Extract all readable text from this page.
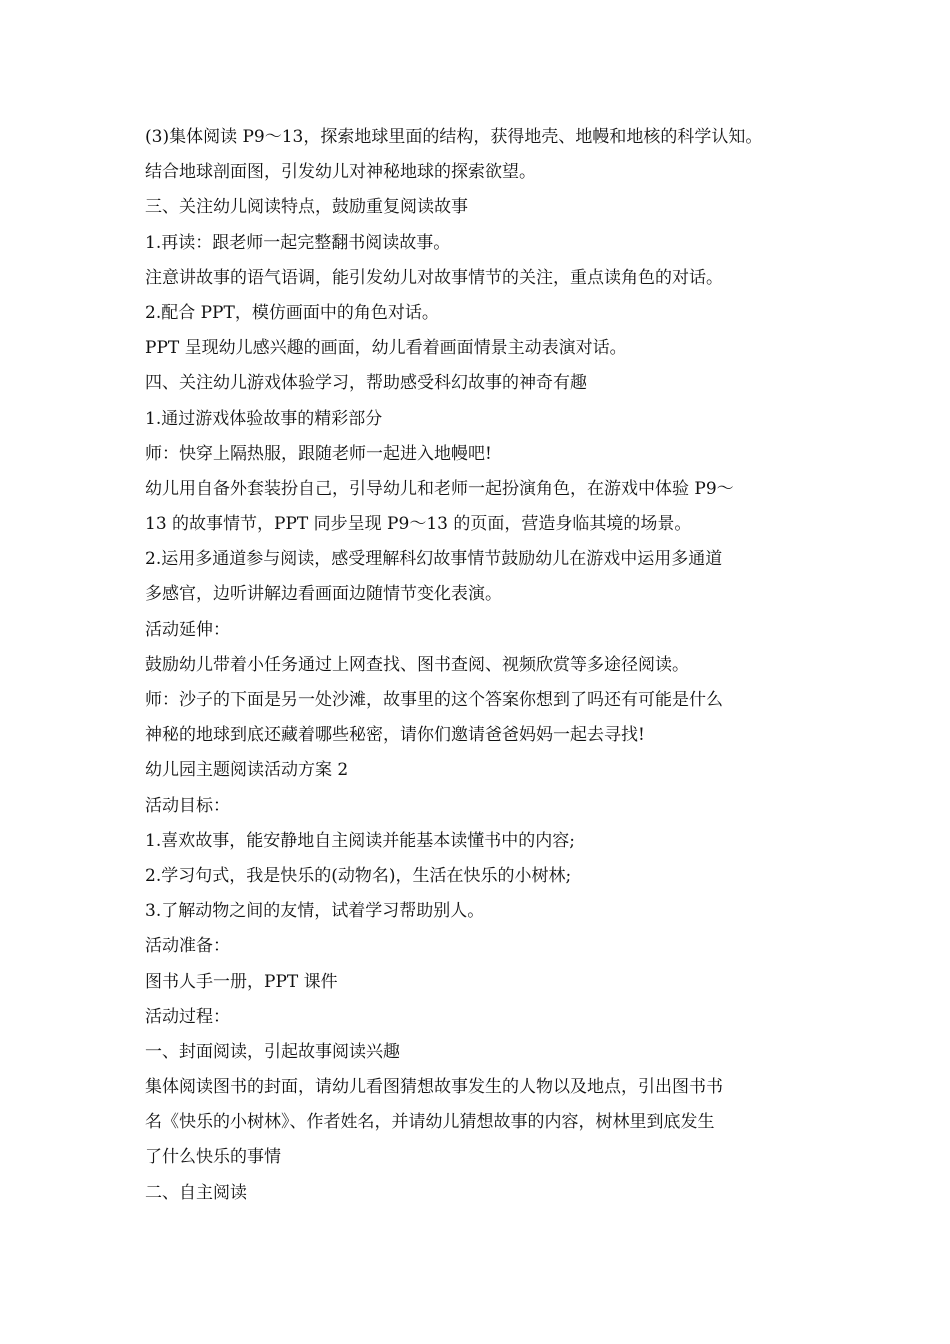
(3)集体阅读 P9～13，探索地球里面的结构，获得地壳、地幔和地核的科学认知。
结合地球剖面图，引发幼儿对神秘地球的探索欲望。
三、关注幼儿阅读特点，鼓励重复阅读故事
1.再读：跟老师一起完整翻书阅读故事。
注意讲故事的语气语调，能引发幼儿对故事情节的关注，重点读角色的对话。
2.配合 PPT，模仿画面中的角色对话。
PPT 呈现幼儿感兴趣的画面，幼儿看着画面情景主动表演对话。
四、关注幼儿游戏体验学习，帮助感受科幻故事的神奇有趣
1.通过游戏体验故事的精彩部分
师：快穿上隔热服，跟随老师一起进入地幔吧!
幼儿用自备外套装扮自己，引导幼儿和老师一起扮演角色，在游戏中体验 P9～
13 的故事情节，PPT 同步呈现 P9～13 的页面，营造身临其境的场景。
2.运用多通道参与阅读，感受理解科幻故事情节鼓励幼儿在游戏中运用多通道
多感官，边听讲解边看画面边随情节变化表演。
活动延伸：
鼓励幼儿带着小任务通过上网查找、图书查阅、视频欣赏等多途径阅读。
师：沙子的下面是另一处沙滩，故事里的这个答案你想到了吗还有可能是什么
神秘的地球到底还藏着哪些秘密，请你们邀请爸爸妈妈一起去寻找!
幼儿园主题阅读活动方案 2
活动目标：
1.喜欢故事，能安静地自主阅读并能基本读懂书中的内容;
2.学习句式，我是快乐的(动物名)，生活在快乐的小树林;
3.了解动物之间的友情，试着学习帮助别人。
活动准备：
图书人手一册，PPT 课件
活动过程：
一、封面阅读，引起故事阅读兴趣
集体阅读图书的封面，请幼儿看图猜想故事发生的人物以及地点，引出图书书
名《快乐的小树林》、作者姓名，并请幼儿猜想故事的内容，树林里到底发生
了什么快乐的事情
二、自主阅读
